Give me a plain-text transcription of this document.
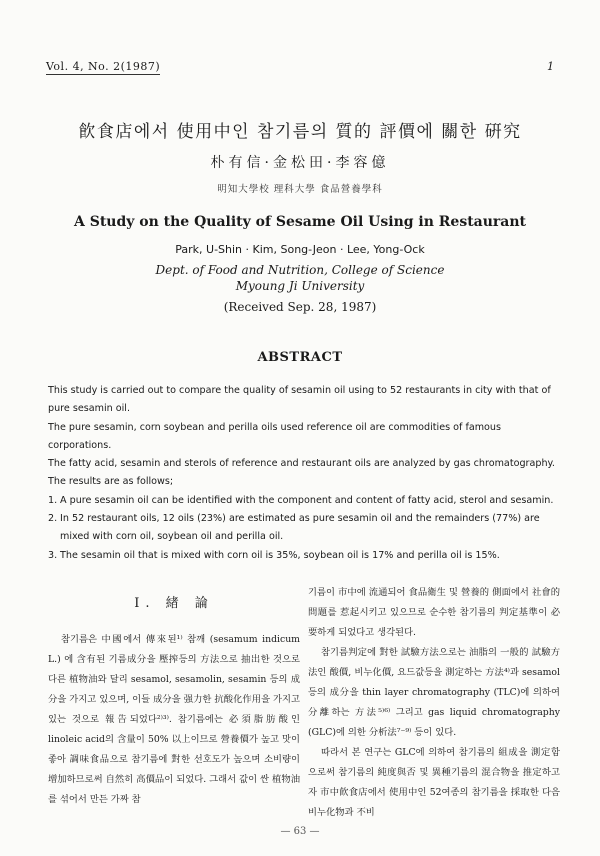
Vol. 4, No. 2(1987)	1
飮食店에서 使用中인 참기름의 質的 評價에 關한 硏究
朴有信·金松田·李容億
明知大學校 理科大學 食品營養學科
A Study on the Quality of Sesame Oil Using in Restaurant
Park, U-Shin · Kim, Song-Jeon · Lee, Yong-Ock
Dept. of Food and Nutrition, College of Science
Myoung Ji University
(Received Sep. 28, 1987)
ABSTRACT

This study is carried out to compare the quality of sesamin oil using to 52 restaurants in city with that of pure sesamin oil.

The pure sesamin, corn soybean and perilla oils used reference oil are commodities of famous corporations.

The fatty acid, sesamin and sterols of reference and restaurant oils are analyzed by gas chromatography.

The results are as follows;

1. A pure sesamin oil can be identified with the component and content of fatty acid, sterol and sesamin.
2. In 52 restaurant oils, 12 oils (23%) are estimated as pure sesamin oil and the remainders (77%) are mixed with corn oil, soybean oil and perilla oil.
3. The sesamin oil that is mixed with corn oil is 35%, soybean oil is 17% and perilla oil is 15%.

I. 緖 論

참기름은 中國에서 傳來된¹⁾ 참깨 (sesamum indicum L.) 에 含有된 기름成分을 壓搾등의 方法으로 抽出한 것으로 다른 植物油와 달리 sesamol, sesamolin, sesamin 등의 成分을 가지고 있으며, 이들 成分을 强力한 抗酸化作用을 가지고 있는 것으로 報告되었다²⁾³⁾. 참기름에는 必須脂肪酸인 linoleic acid의 含量이 50% 以上이므로 營養價가 높고 맛이 좋아 調味食品으로 참기름에 對한 선호도가 높으며 소비량이 增加하므로써 自然히 高價品이 되었다. 그래서 값이 싼 植物油를 섞어서 만든 가짜 참

기름이 市中에 流通되어 食品衛生 및 營養的 側面에서 社會的 問題를 惹起시키고 있으므로 순수한 참기름의 判定基準이 必要하게 되었다고 생각된다.

참기름判定에 對한 試驗方法으로는 油脂의 一般的 試驗方法인 酸價, 비누化價, 요드값등을 測定하는 方法⁴⁾과 sesamol 등의 成分을 thin layer chromatography (TLC)에 의하여 分離하는 方法⁵⁾⁶⁾ 그리고 gas liquid chromatography (GLC)에 의한 分析法⁷⁻⁹⁾ 등이 있다.

따라서 본 연구는 GLC에 의하여 참기름의 組成을 測定함으로써 참기름의 純度與否 및 異種기름의 混合物을 推定하고자 市中飮食店에서 使用中인 52여종의 참기름을 採取한 다음 비누化物과 不비

— 63 —
